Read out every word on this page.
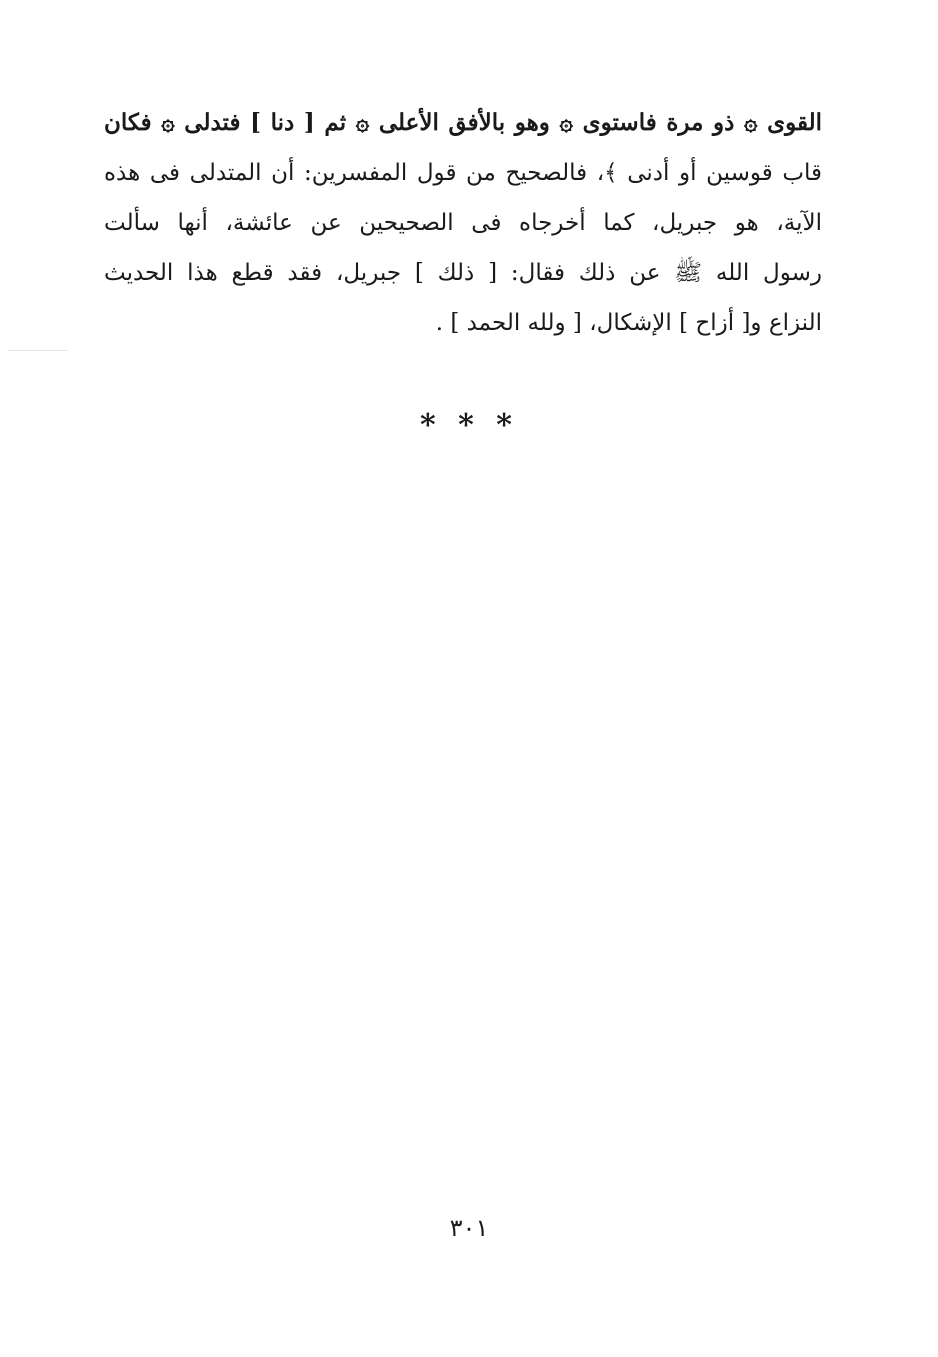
القوى ۞ ذو مرة فاستوى ۞ وهو بالأفق الأعلى ۞ ثم [ دنا ] فتدلى ۞ فكان
قاب قوسين أو أدنى ﴾، فالصحيح من قول المفسرين: أن المتدلى فى هذه
الآية، هو جبريل، كما أخرجاه فى الصحيحين عن عائشة، أنها سألت
رسول الله ﷺ عن ذلك فقال: [ ذلك ] جبريل، فقد قطع هذا الحديث
النزاع و[ أزاح ] الإشكال، [ ولله الحمد ] .
* * *
٣٠١
